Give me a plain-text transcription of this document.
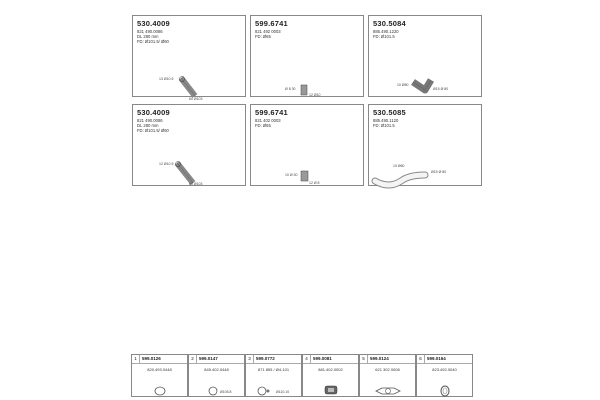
530.4009
821 490.0086
DL 280 mm
FD: Ø101.5/ Ø60
13 Ø10.5
60 Ø103
599.6741
821 492 0003
FD: Ø65
Ø 8 30
12 Ø10
530.5084
885.490.1220
FD: Ø101.5
10 Ø50
Ø15 Ø 80
530.4009
821 490.0086
DL 280 mm
FD: Ø101.5/ Ø60
12 Ø10.5
60 Ø103
599.6741
821 402 0003
FD: Ø65
10 Ø 30
12 Ø 8
530.5085
885.490.1120
FD: Ø101.5
10 Ø60
Ø15 Ø 80
1	599.0126
820.493.0448
2	599.0147
845.402.0448
Ø105.8
3	599.0772
871 855 / Ø4-101
Ø110.10
4	599.0081
881.402.0002
5	599.0124
621 302 0008
6	599.0164
823.492.0040
